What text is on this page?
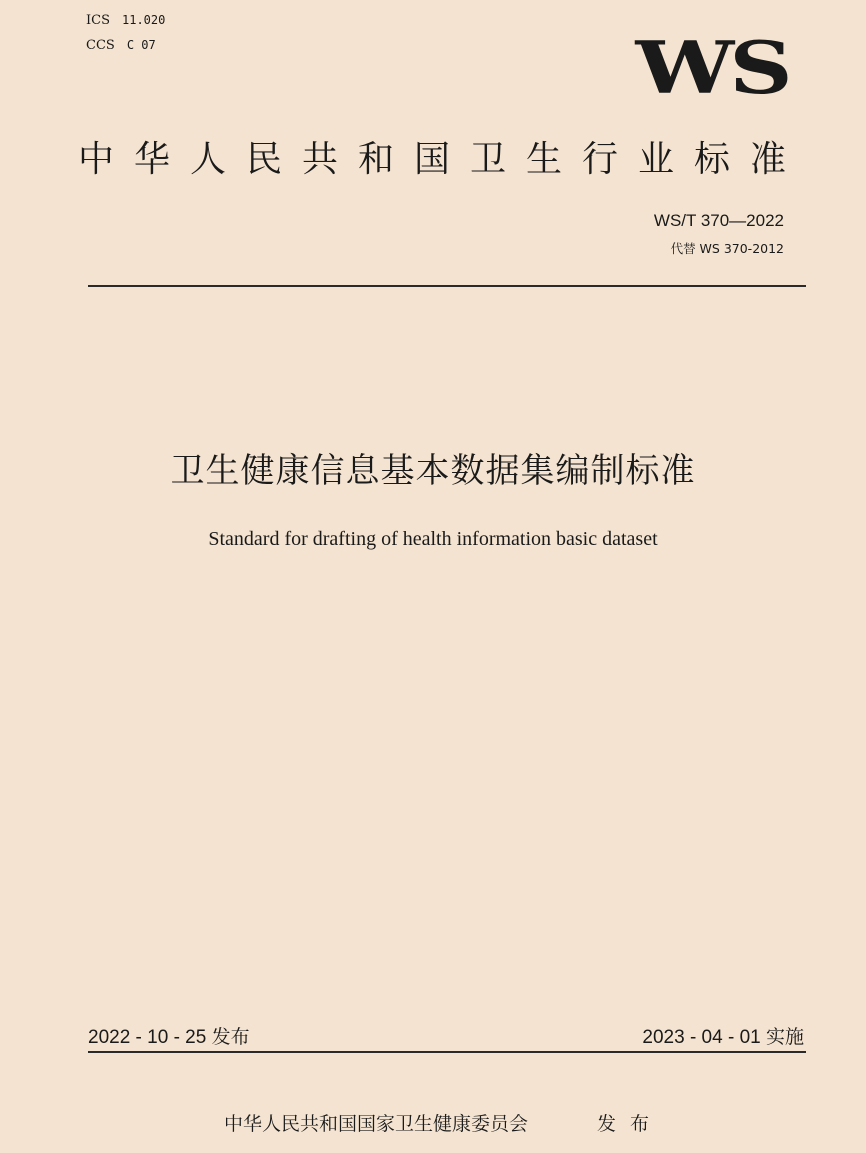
ICS 11.020
CCS C 07	WS
中华人民共和国卫生行业标准
WS/T 370—2022
代替 WS 370-2012
卫生健康信息基本数据集编制标准
Standard for drafting of health information basic dataset
2022 - 10 - 25 发布	2023 - 04 - 01 实施
中华人民共和国国家卫生健康委员会	发布
